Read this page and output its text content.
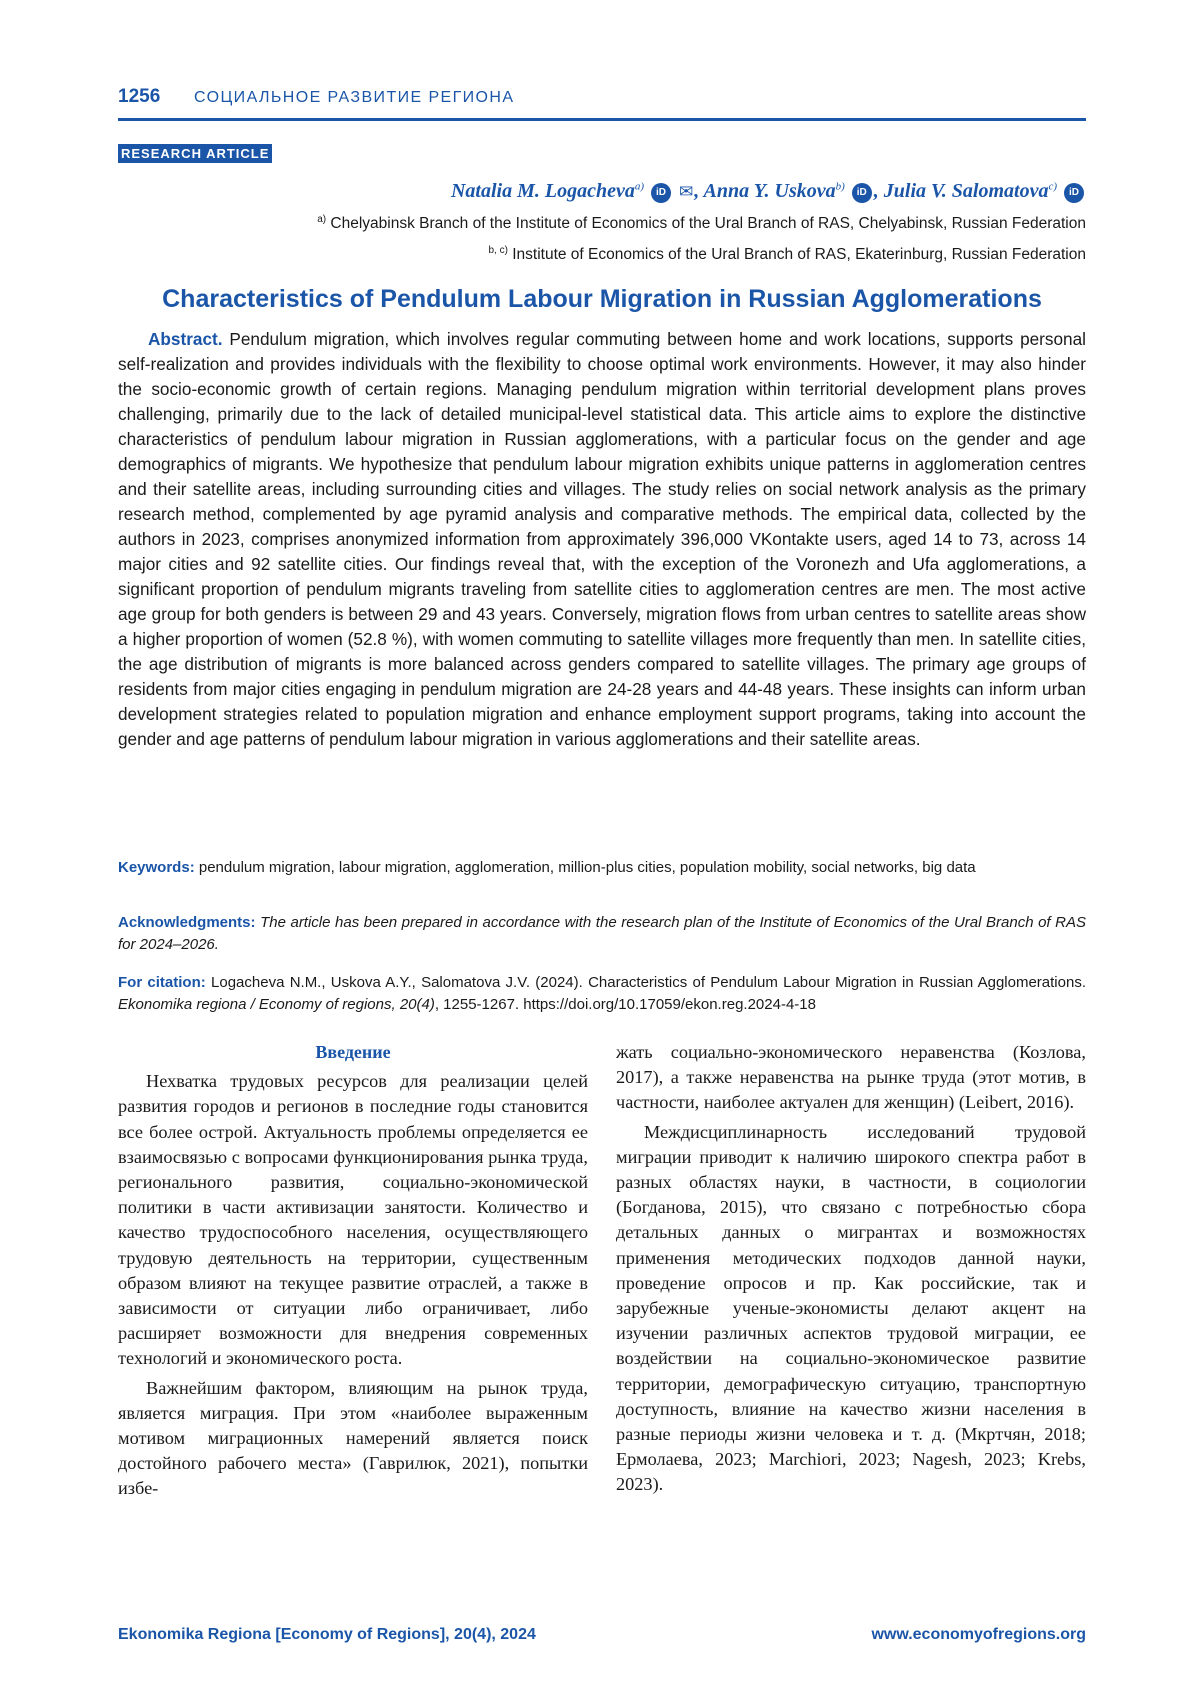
1256 СОЦИАЛЬНОЕ РАЗВИТИЕ РЕГИОНА
RESEARCH ARTICLE
Natalia M. Logacheva$^{a)}$ iD ✉, Anna Y. Uskova$^{b)}$ iD , Julia V. Salomatova$^{c)}$ iD
$^{a)}$ Chelyabinsk Branch of the Institute of Economics of the Ural Branch of RAS, Chelyabinsk, Russian Federation
$^{b, c)}$ Institute of Economics of the Ural Branch of RAS, Ekaterinburg, Russian Federation
Characteristics of Pendulum Labour Migration in Russian Agglomerations

Abstract. Pendulum migration, which involves regular commuting between home and work locations, supports personal self-realization and provides individuals with the flexibility to choose optimal work environments. However, it may also hinder the socio-economic growth of certain regions. Managing pendulum migration within territorial development plans proves challenging, primarily due to the lack of detailed municipal-level statistical data. This article aims to explore the distinctive characteristics of pendulum labour migration in Russian agglomerations, with a particular focus on the gender and age demographics of migrants. We hypothesize that pendulum labour migration exhibits unique patterns in agglomeration centres and their satellite areas, including surrounding cities and villages. The study relies on social network analysis as the primary research method, complemented by age pyramid analysis and comparative methods. The empirical data, collected by the authors in 2023, comprises anonymized information from approximately 396,000 VKontakte users, aged 14 to 73, across 14 major cities and 92 satellite cities. Our findings reveal that, with the exception of the Voronezh and Ufa agglomerations, a significant proportion of pendulum migrants traveling from satellite cities to agglomeration centres are men. The most active age group for both genders is between 29 and 43 years. Conversely, migration flows from urban centres to satellite areas show a higher proportion of women (52.8 %), with women commuting to satellite villages more frequently than men. In satellite cities, the age distribution of migrants is more balanced across genders compared to satellite villages. The primary age groups of residents from major cities engaging in pendulum migration are 24-28 years and 44-48 years. These insights can inform urban development strategies related to population migration and enhance employment support programs, taking into account the gender and age patterns of pendulum labour migration in various agglomerations and their satellite areas.

Keywords: pendulum migration, labour migration, agglomeration, million-plus cities, population mobility, social networks, big data

Acknowledgments: The article has been prepared in accordance with the research plan of the Institute of Economics of the Ural Branch of RAS for 2024–2026.

For citation: Logacheva N.M., Uskova A.Y., Salomatova J.V. (2024). Characteristics of Pendulum Labour Migration in Russian Agglomerations. Ekonomika regiona / Economy of regions, 20(4), 1255-1267. https://doi.org/10.17059/ekon.reg.2024-4-18

Введение

Нехватка трудовых ресурсов для реализации целей развития городов и регионов в последние годы становится все более острой. Актуальность проблемы определяется ее взаимосвязью с вопросами функционирования рынка труда, регионального развития, социально-экономической политики в части активизации занятости. Количество и качество трудоспособного населения, осуществляющего трудовую деятельность на территории, существенным образом влияют на текущее развитие отраслей, а также в зависимости от ситуации либо ограничивает, либо расширяет возможности для внедрения современных технологий и экономического роста.

Важнейшим фактором, влияющим на рынок труда, является миграция. При этом «наиболее выраженным мотивом миграционных намерений является поиск достойного рабочего места» (Гаврилюк, 2021), попытки избе-

жать социально-экономического неравенства (Козлова, 2017), а также неравенства на рынке труда (этот мотив, в частности, наиболее актуален для женщин) (Leibert, 2016).

Междисциплинарность исследований трудовой миграции приводит к наличию широкого спектра работ в разных областях науки, в частности, в социологии (Богданова, 2015), что связано с потребностью сбора детальных данных о мигрантах и возможностях применения методических подходов данной науки, проведение опросов и пр. Как российские, так и зарубежные ученые-экономисты делают акцент на изучении различных аспектов трудовой миграции, ее воздействии на социально-экономическое развитие территории, демографическую ситуацию, транспортную доступность, влияние на качество жизни населения в разные периоды жизни человека и т. д. (Мкртчян, 2018; Ермолаева, 2023; Marchiori, 2023; Nagesh, 2023; Krebs, 2023).

Ekonomika Regiona [Economy of Regions], 20(4), 2024	www.economyofregions.org
